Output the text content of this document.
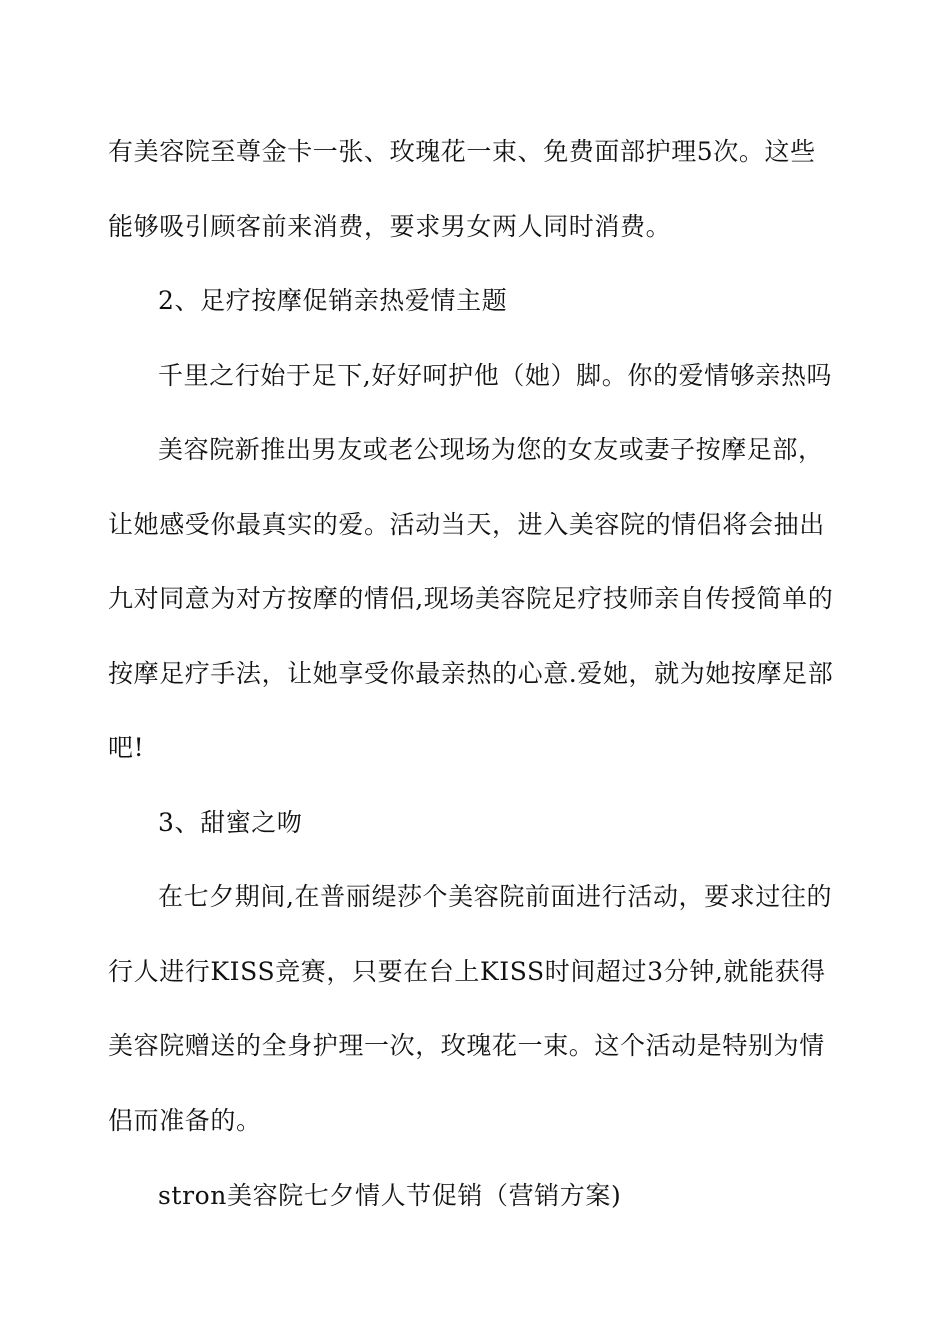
有美容院至尊金卡一张、玫瑰花一束、免费面部护理5次。这些
能够吸引顾客前来消费，要求男女两人同时消费。
2、足疗按摩促销亲热爱情主题
千里之行始于足下,好好呵护他（她）脚。你的爱情够亲热吗
美容院新推出男友或老公现场为您的女友或妻子按摩足部，
让她感受你最真实的爱。活动当天，进入美容院的情侣将会抽出
九对同意为对方按摩的情侣,现场美容院足疗技师亲自传授简单的
按摩足疗手法，让她享受你最亲热的心意.爱她，就为她按摩足部
吧!
3、甜蜜之吻
在七夕期间,在普丽缇莎个美容院前面进行活动，要求过往的
行人进行KISS竞赛，只要在台上KISS时间超过3分钟,就能获得
美容院赠送的全身护理一次，玫瑰花一束。这个活动是特别为情
侣而准备的。
stron美容院七夕情人节促销（营销方案)
